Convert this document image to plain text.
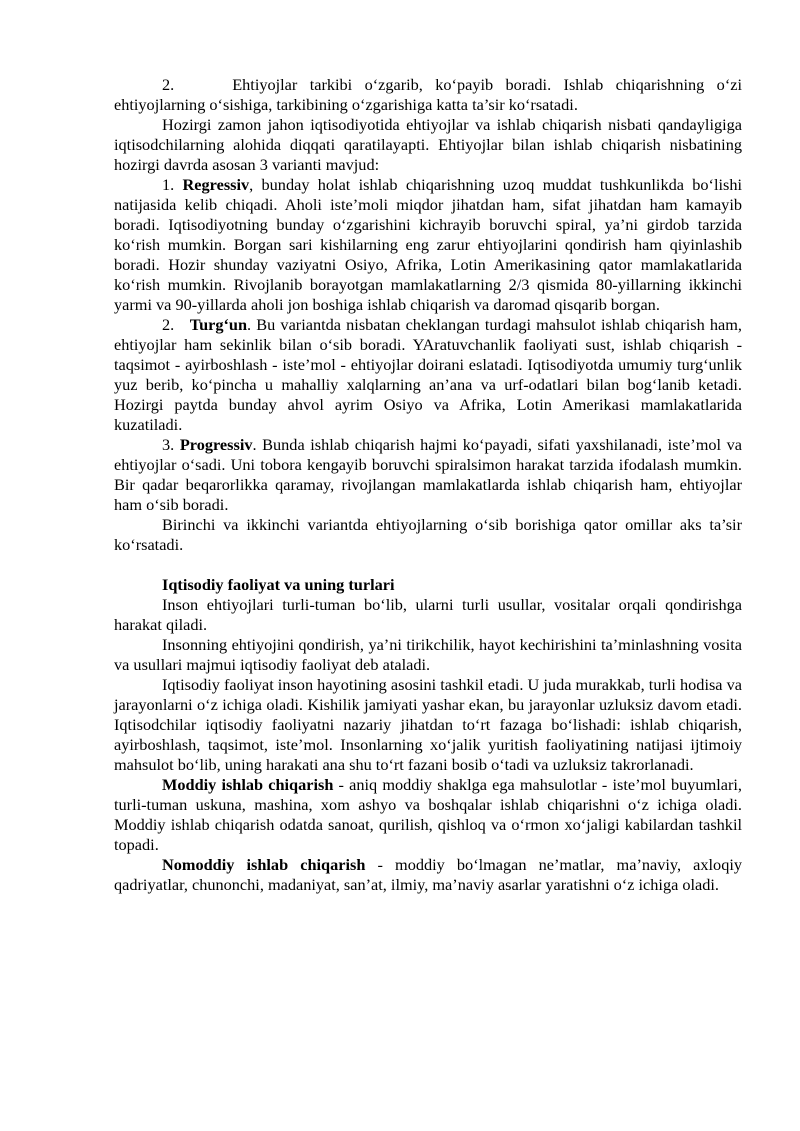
2.	Ehtiyojlar tarkibi o‘zgarib, ko‘payib boradi. Ishlab chiqarishning o‘zi ehtiyojlarning o‘sishiga, tarkibining o‘zgarishiga katta ta’sir ko‘rsatadi.

Hozirgi zamon jahon iqtisodiyotida ehtiyojlar va ishlab chiqarish nisbati qandayligiga iqtisodchilarning alohida diqqati qaratilayapti. Ehtiyojlar bilan ishlab chiqarish nisbatining hozirgi davrda asosan 3 varianti mavjud:

1. Regressiv, bunday holat ishlab chiqarishning uzoq muddat tushkunlikda bo‘lishi natijasida kelib chiqadi. Aholi iste’moli miqdor jihatdan ham, sifat jihatdan ham kamayib boradi. Iqtisodiyotning bunday o‘zgarishini kichrayib boruvchi spiral, ya’ni girdob tarzida ko‘rish mumkin. Borgan sari kishilarning eng zarur ehtiyojlarini qondirish ham qiyinlashib boradi. Hozir shunday vaziyatni Osiyo, Afrika, Lotin Amerikasining qator mamlakatlarida ko‘rish mumkin. Rivojlanib borayotgan mamlakatlarning 2/3 qismida 80-yillarning ikkinchi yarmi va 90-yillarda aholi jon boshiga ishlab chiqarish va daromad qisqarib borgan.

2. Turg‘un. Bu variantda nisbatan cheklangan turdagi mahsulot ishlab chiqarish ham, ehtiyojlar ham sekinlik bilan o‘sib boradi. YAratuvchanlik faoliyati sust, ishlab chiqarish - taqsimot - ayirboshlash - iste’mol - ehtiyojlar doirani eslatadi. Iqtisodiyotda umumiy turg‘unlik yuz berib, ko‘pincha u mahalliy xalqlarning an’ana va urf-odatlari bilan bog‘lanib ketadi. Hozirgi paytda bunday ahvol ayrim Osiyo va Afrika, Lotin Amerikasi mamlakatlarida kuzatiladi.

3. Progressiv. Bunda ishlab chiqarish hajmi ko‘payadi, sifati yaxshilanadi, iste’mol va ehtiyojlar o‘sadi. Uni tobora kengayib boruvchi spiralsimon harakat tarzida ifodalash mumkin. Bir qadar beqarorlikka qaramay, rivojlangan mamlakatlarda ishlab chiqarish ham, ehtiyojlar ham o‘sib boradi.

Birinchi va ikkinchi variantda ehtiyojlarning o‘sib borishiga qator omillar aks ta’sir ko‘rsatadi.

Iqtisodiy faoliyat va uning turlari

Inson ehtiyojlari turli-tuman bo‘lib, ularni turli usullar, vositalar orqali qondirishga harakat qiladi.

Insonning ehtiyojini qondirish, ya’ni tirikchilik, hayot kechirishini ta’minlashning vosita va usullari majmui iqtisodiy faoliyat deb ataladi.

Iqtisodiy faoliyat inson hayotining asosini tashkil etadi. U juda murakkab, turli hodisa va jarayonlarni o‘z ichiga oladi. Kishilik jamiyati yashar ekan, bu jarayonlar uzluksiz davom etadi. Iqtisodchilar iqtisodiy faoliyatni nazariy jihatdan to‘rt fazaga bo‘lishadi: ishlab chiqarish, ayirboshlash, taqsimot, iste’mol. Insonlarning xo‘jalik yuritish faoliyatining natijasi ijtimoiy mahsulot bo‘lib, uning harakati ana shu to‘rt fazani bosib o‘tadi va uzluksiz takrorlanadi.

Moddiy ishlab chiqarish - aniq moddiy shaklga ega mahsulotlar - iste’mol buyumlari, turli-tuman uskuna, mashina, xom ashyo va boshqalar ishlab chiqarishni o‘z ichiga oladi. Moddiy ishlab chiqarish odatda sanoat, qurilish, qishloq va o‘rmon xo‘jaligi kabilardan tashkil topadi.

Nomoddiy ishlab chiqarish - moddiy bo‘lmagan ne’matlar, ma’naviy, axloqiy qadriyatlar, chunonchi, madaniyat, san’at, ilmiy, ma’naviy asarlar yaratishni o‘z ichiga oladi.
